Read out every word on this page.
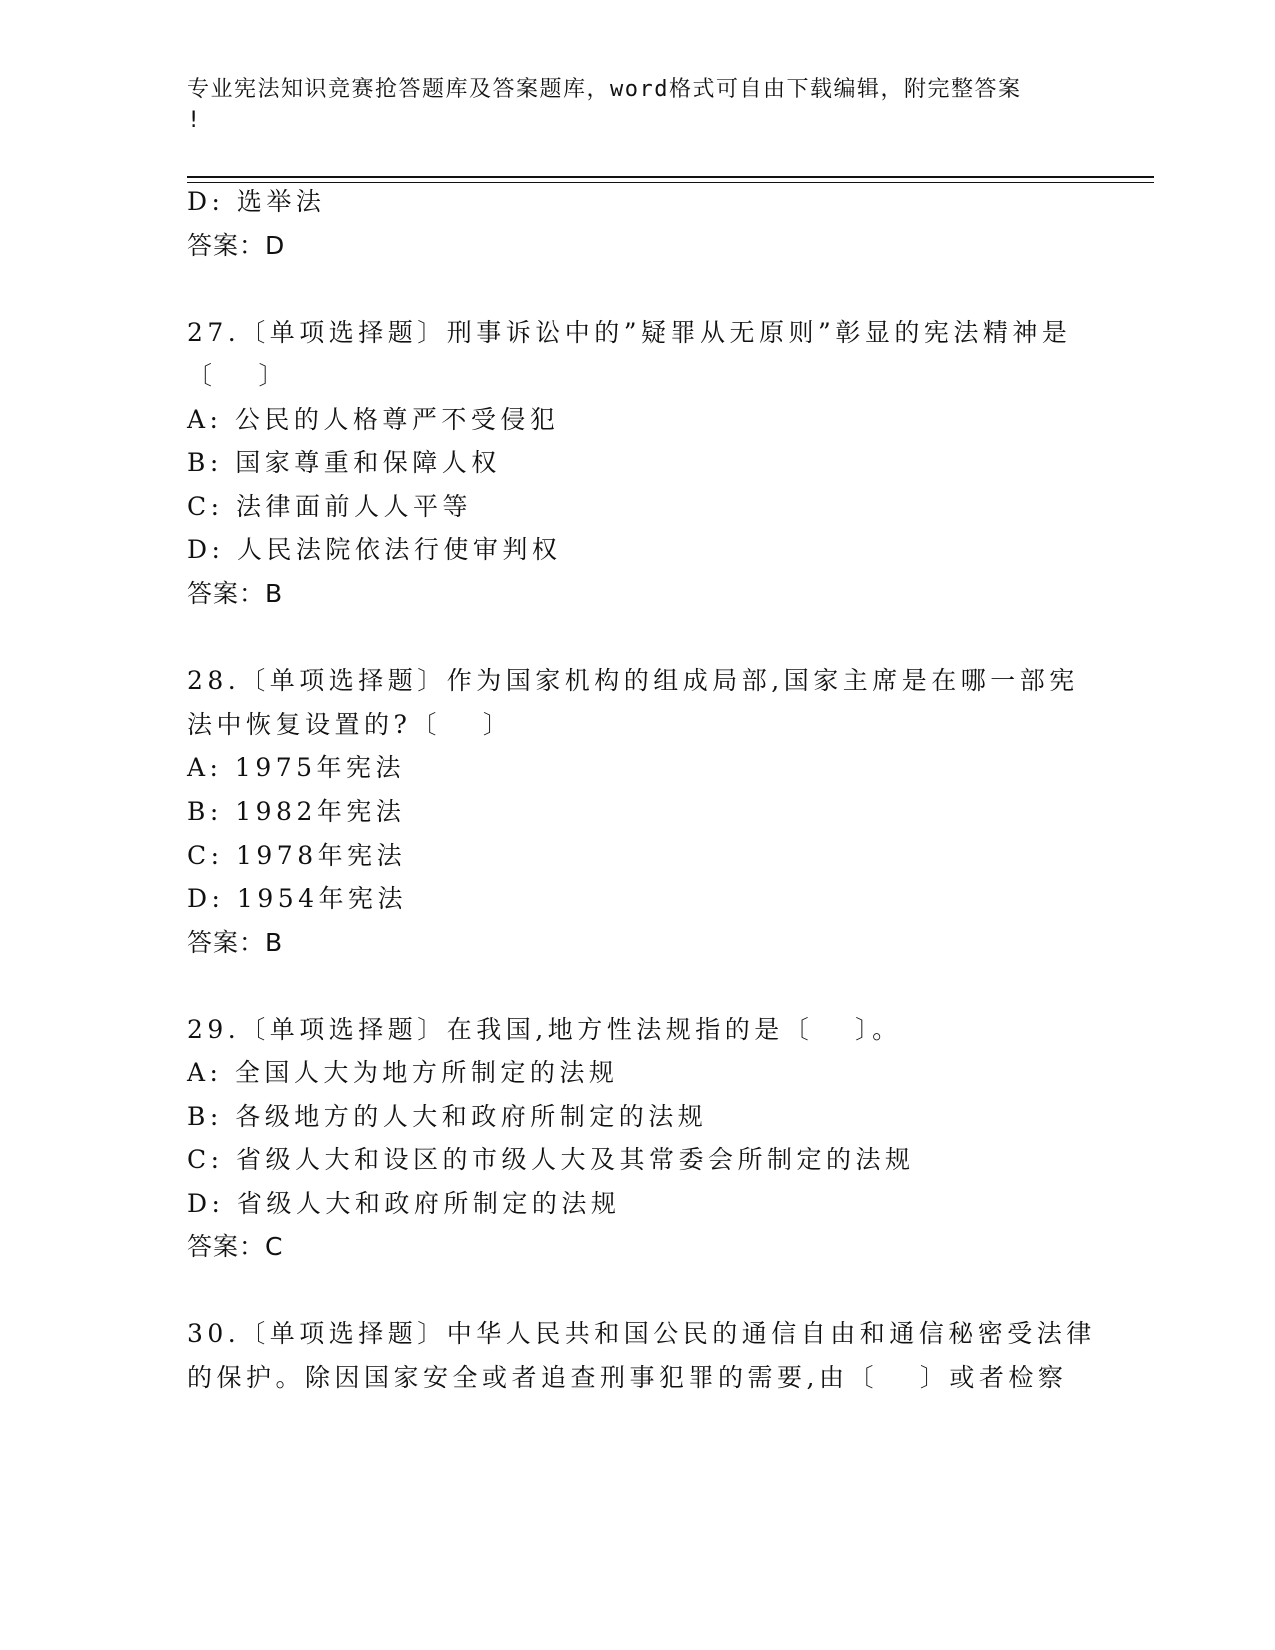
专业宪法知识竞赛抢答题库及答案题库，word格式可自由下载编辑，附完整答案
!
D: 选举法
答案：D
27.〔单项选择题〕刑事诉讼中的”疑罪从无原则”彰显的宪法精神是
〔　 〕
A: 公民的人格尊严不受侵犯
B: 国家尊重和保障人权
C: 法律面前人人平等
D: 人民法院依法行使审判权
答案：B
28.〔单项选择题〕作为国家机构的组成局部,国家主席是在哪一部宪
法中恢复设置的?〔　 〕
A: 1975年宪法
B: 1982年宪法
C: 1978年宪法
D: 1954年宪法
答案：B
29.〔单项选择题〕在我国,地方性法规指的是〔　 〕。
A: 全国人大为地方所制定的法规
B: 各级地方的人大和政府所制定的法规
C: 省级人大和设区的市级人大及其常委会所制定的法规
D: 省级人大和政府所制定的法规
答案：C
30.〔单项选择题〕中华人民共和国公民的通信自由和通信秘密受法律
的保护。除因国家安全或者追查刑事犯罪的需要,由〔　 〕或者检察
